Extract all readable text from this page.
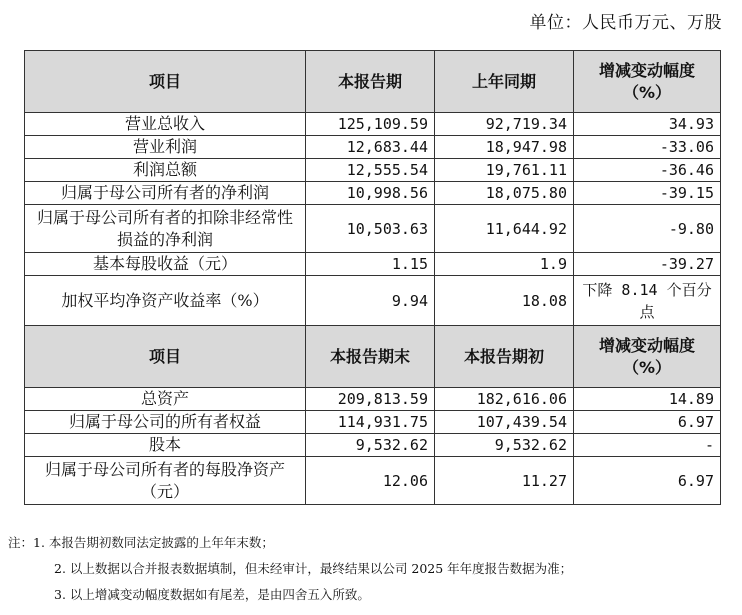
单位：人民币万元、万股
项目	本报告期	上年同期	增减变动幅度（%）
营业总收入	125,109.59	92,719.34	34.93
营业利润	12,683.44	18,947.98	-33.06
利润总额	12,555.54	19,761.11	-36.46
归属于母公司所有者的净利润	10,998.56	18,075.80	-39.15
归属于母公司所有者的扣除非经常性损益的净利润	10,503.63	11,644.92	-9.80
基本每股收益（元）	1.15	1.9	-39.27
加权平均净资产收益率（%）	9.94	18.08	下降 8.14 个百分点
项目	本报告期末	本报告期初	增减变动幅度（%）
总资产	209,813.59	182,616.06	14.89
归属于母公司的所有者权益	114,931.75	107,439.54	6.97
股本	9,532.62	9,532.62	-
归属于母公司所有者的每股净资产（元）	12.06	11.27	6.97
注：1. 本报告期初数同法定披露的上年年末数；
2. 以上数据以合并报表数据填制，但未经审计，最终结果以公司 2025 年年度报告数据为准；
3. 以上增减变动幅度数据如有尾差，是由四舍五入所致。
